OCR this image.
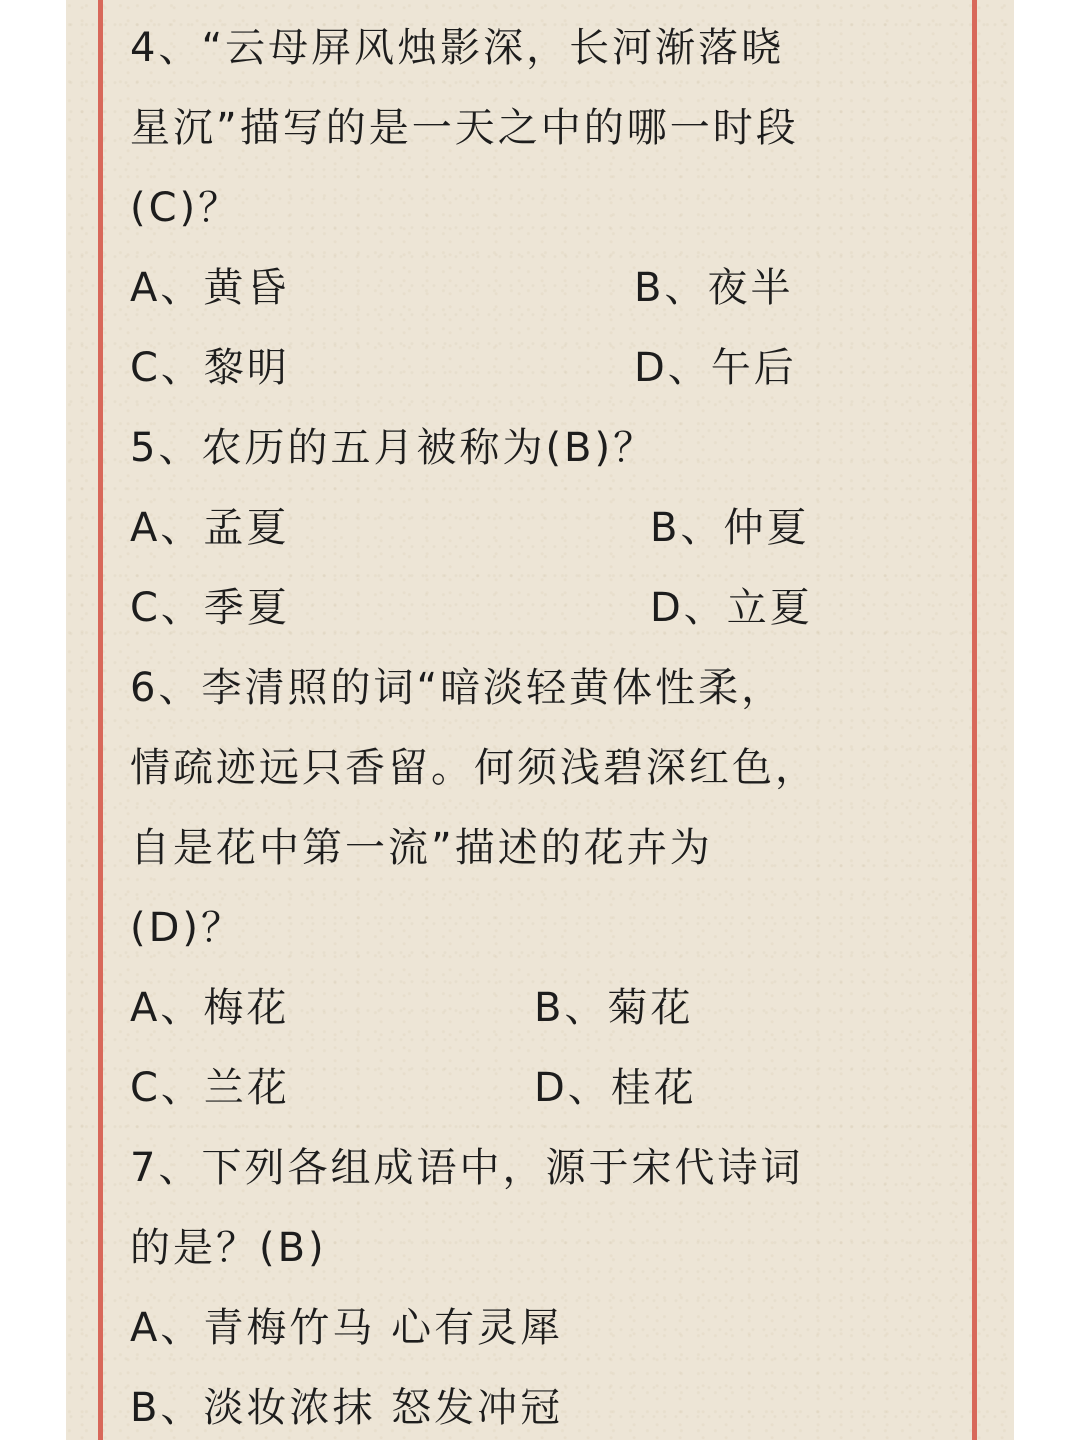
4、“云母屏风烛影深，长河渐落晓
星沉”描写的是一天之中的哪一时段
(C)？
A、黄昏	B、夜半
C、黎明	D、午后
5、农历的五月被称为(B)？
A、孟夏	B、仲夏
C、季夏	D、立夏
6、李清照的词“暗淡轻黄体性柔，
情疏迹远只香留。何须浅碧深红色，
自是花中第一流”描述的花卉为
(D)？
A、梅花	B、菊花
C、兰花	D、桂花
7、下列各组成语中，源于宋代诗词
的是？(B)
A、青梅竹马 心有灵犀
B、淡妆浓抹 怒发冲冠
